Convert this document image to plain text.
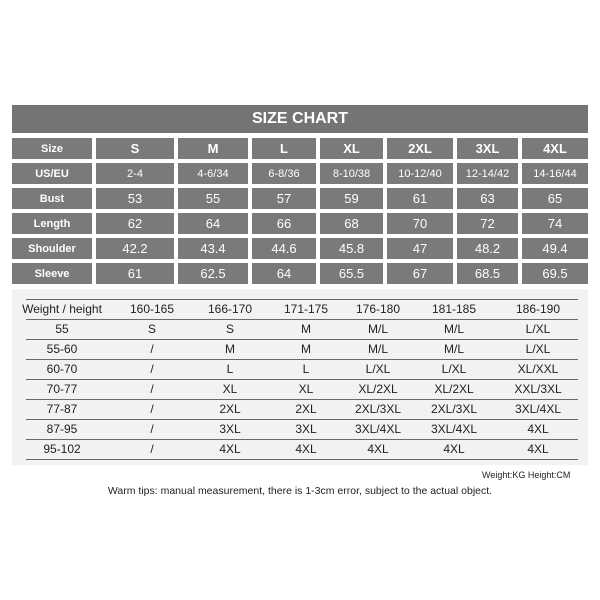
SIZE CHART
Size	S	M	L	XL	2XL	3XL	4XL
US/EU	2-4	4-6/34	6-8/36	8-10/38	10-12/40	12-14/42	14-16/44
Bust	53	55	57	59	61	63	65
Length	62	64	66	68	70	72	74
Shoulder	42.2	43.4	44.6	45.8	47	48.2	49.4
Sleeve	61	62.5	64	65.5	67	68.5	69.5
Weight / height	160-165	166-170	171-175	176-180	181-185	186-190
55	S	S	M	M/L	M/L	L/XL
55-60	/	M	M	M/L	M/L	L/XL
60-70	/	L	L	L/XL	L/XL	XL/XXL
70-77	/	XL	XL	XL/2XL	XL/2XL	XXL/3XL
77-87	/	2XL	2XL	2XL/3XL	2XL/3XL	3XL/4XL
87-95	/	3XL	3XL	3XL/4XL	3XL/4XL	4XL
95-102	/	4XL	4XL	4XL	4XL	4XL
Weight:KG Height:CM
Warm tips: manual measurement, there is 1-3cm error, subject to the actual object.
